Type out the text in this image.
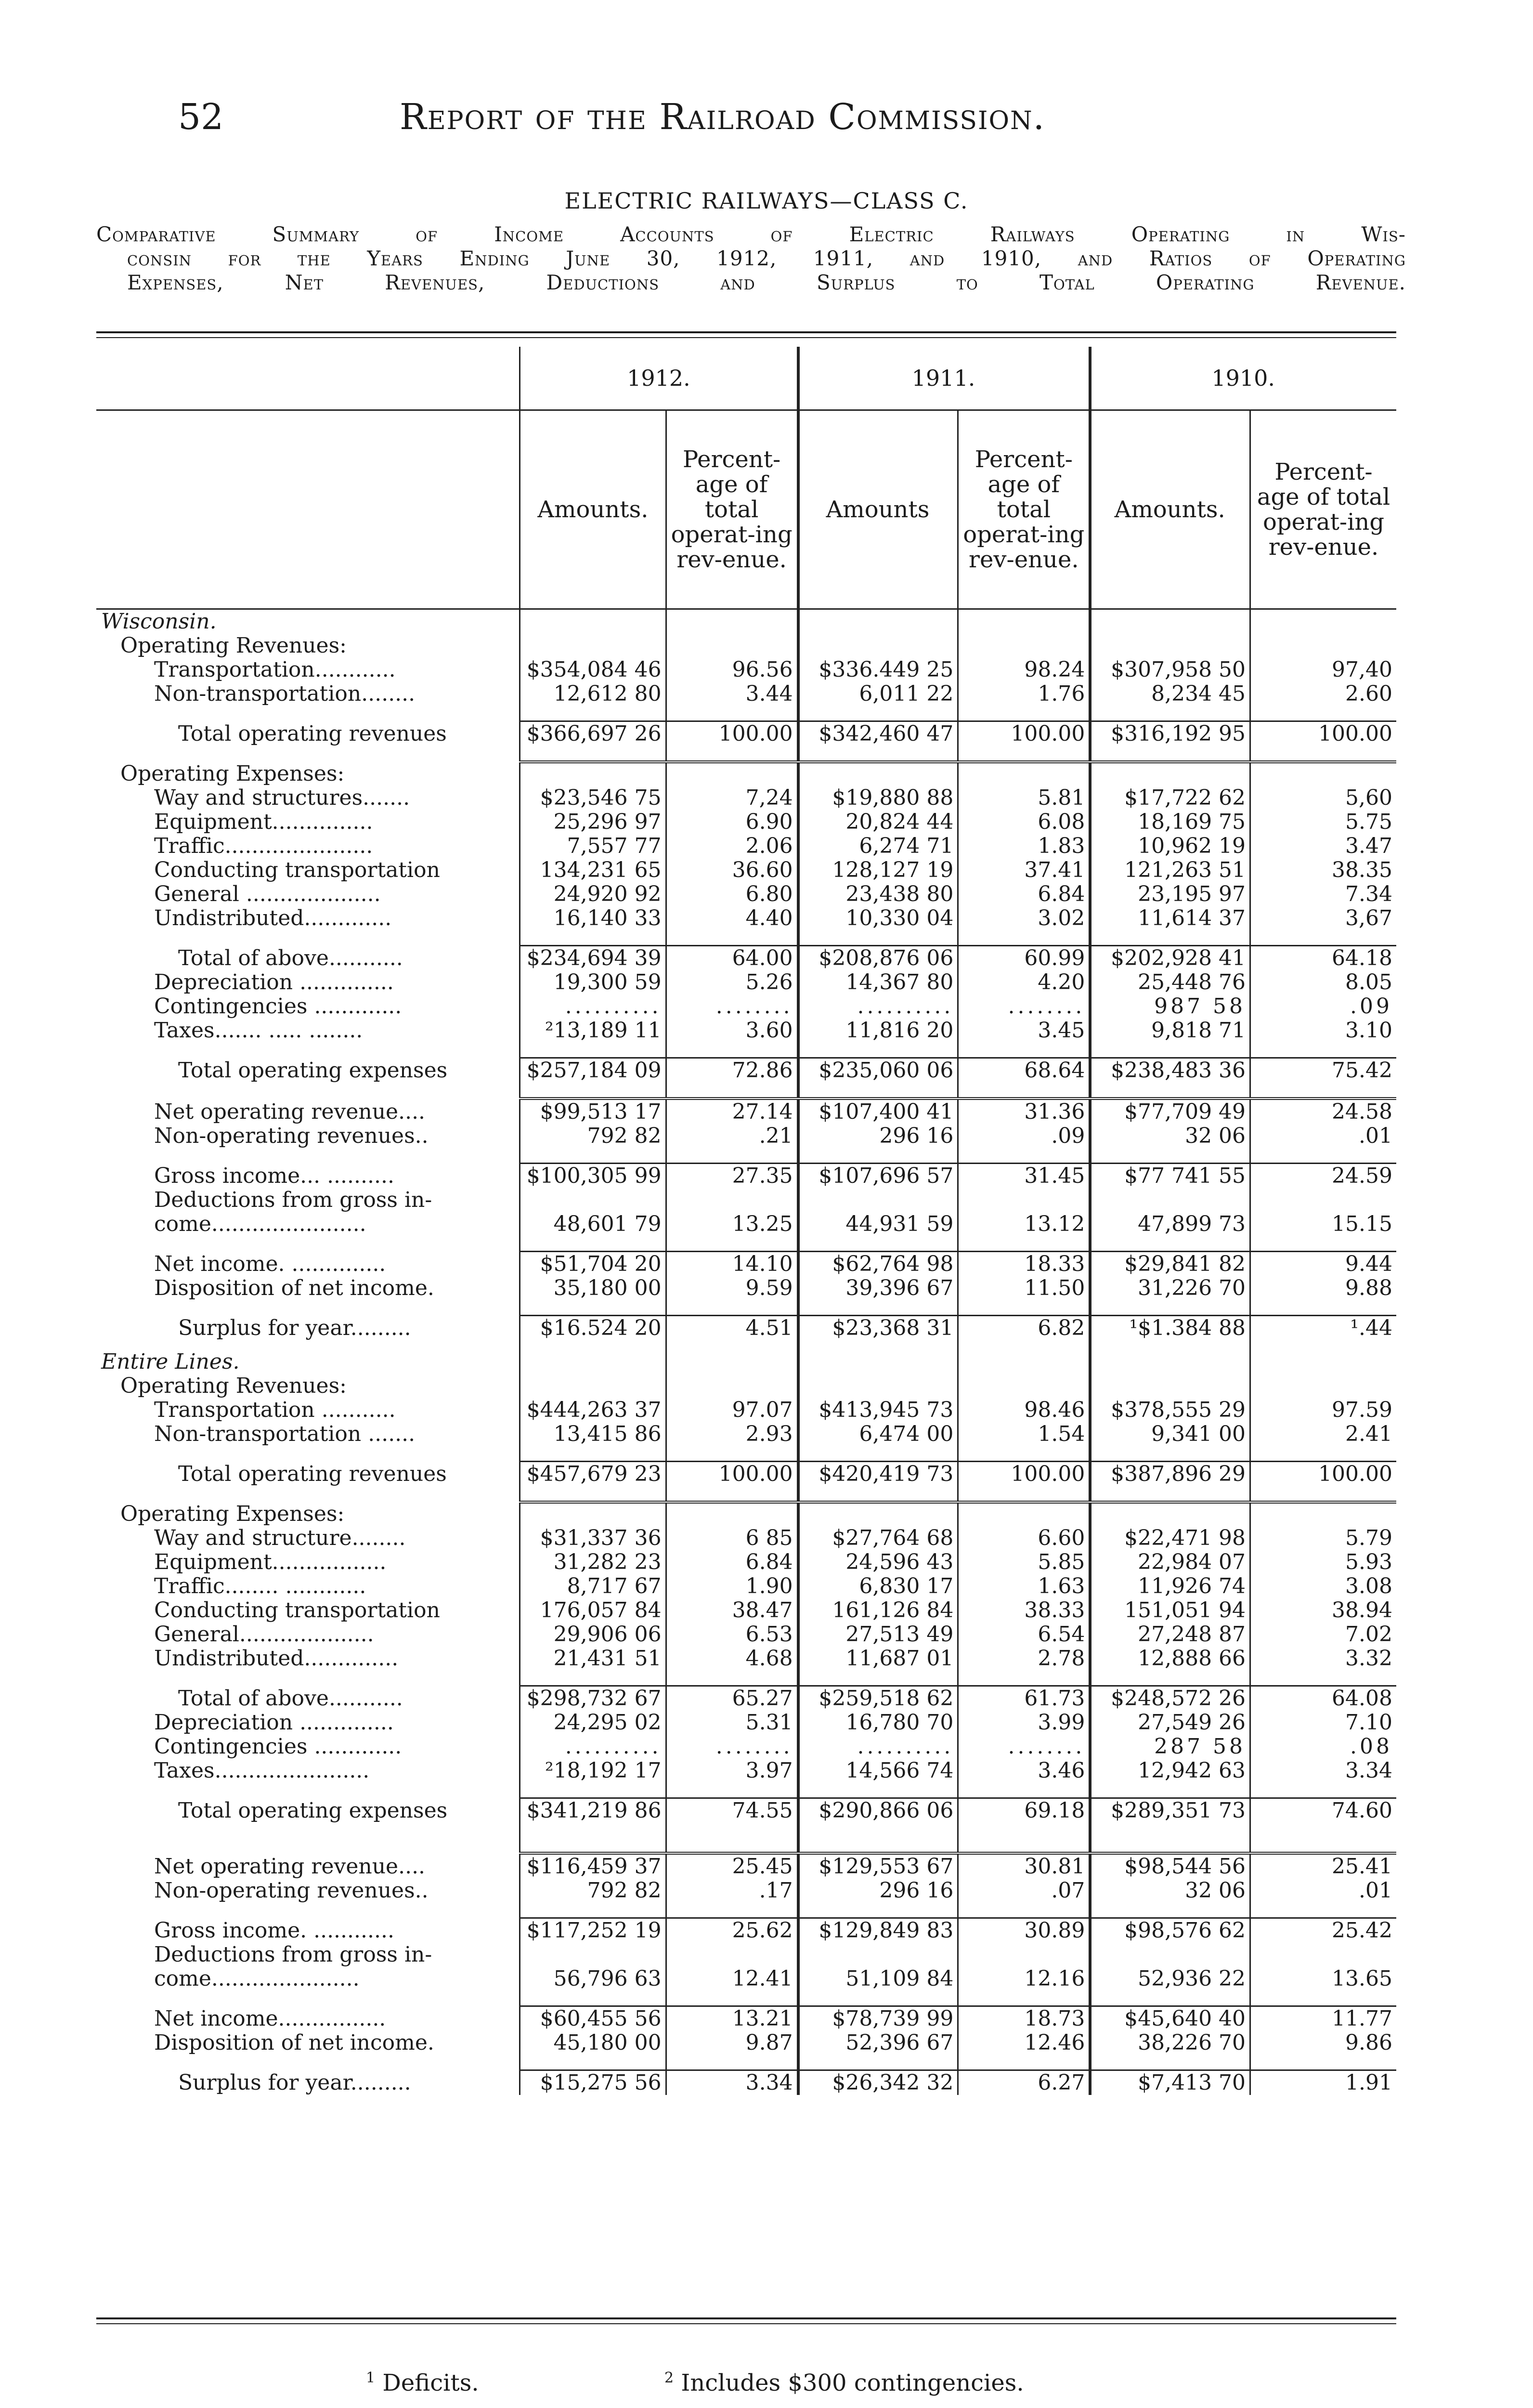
52	Report of the Railroad Commission.
ELECTRIC RAILWAYS—CLASS C.
Comparative Summary of Income Accounts of Electric Railways Operating in Wis-
consin for the Years Ending June 30, 1912, 1911, and 1910, and Ratios of Operating
Expenses, Net Revenues, Deductions and Surplus to Total Operating Revenue.
	1912.		1911.		1910.	
	Amounts.	Percent-age of total operat-ing rev-enue.	Amounts	Percent-age of total operat-ing rev-enue.	Amounts.	Percent-age of total operat-ing rev-enue.
Wisconsin.						
Operating Revenues:						
Transportation............	$354,084 46	96.56	$336.449 25	98.24	$307,958 50	97,40
Non-transportation........	12,612 80	3.44	6,011 22	1.76	8,234 45	2.60

Total operating revenues	$366,697 26	100.00	$342,460 47	100.00	$316,192 95	100.00

Operating Expenses:						
Way and structures.......	$23,546 75	7,24	$19,880 88	5.81	$17,722 62	5,60
Equipment...............	25,296 97	6.90	20,824 44	6.08	18,169 75	5.75
Traffic......................	7,557 77	2.06	6,274 71	1.83	10,962 19	3.47
Conducting transportation	134,231 65	36.60	128,127 19	37.41	121,263 51	38.35
General ....................	24,920 92	6.80	23,438 80	6.84	23,195 97	7.34
Undistributed.............	16,140 33	4.40	10,330 04	3.02	11,614 37	3,67

Total of above...........	$234,694 39	64.00	$208,876 06	60.99	$202,928 41	64.18
Depreciation ..............	19,300 59	5.26	14,367 80	4.20	25,448 76	8.05
Contingencies .............	..........	........	..........	........	987 58	.09
Taxes....... ..... ........	²13,189 11	3.60	11,816 20	3.45	9,818 71	3.10

Total operating expenses	$257,184 09	72.86	$235,060 06	68.64	$238,483 36	75.42

Net operating revenue....	$99,513 17	27.14	$107,400 41	31.36	$77,709 49	24.58
Non-operating revenues..	792 82	.21	296 16	.09	32 06	.01

Gross income... ..........	$100,305 99	27.35	$107,696 57	31.45	$77 741 55	24.59
Deductions from gross in-						
come.......................	48,601 79	13.25	44,931 59	13.12	47,899 73	15.15

Net income. ..............	$51,704 20	14.10	$62,764 98	18.33	$29,841 82	9.44
Disposition of net income.	35,180 00	9.59	39,396 67	11.50	31,226 70	9.88

Surplus for year.........	$16.524 20	4.51	$23,368 31	6.82	¹$1.384 88	¹.44
Entire Lines.						
Operating Revenues:						
Transportation ...........	$444,263 37	97.07	$413,945 73	98.46	$378,555 29	97.59
Non-transportation .......	13,415 86	2.93	6,474 00	1.54	9,341 00	2.41

Total operating revenues	$457,679 23	100.00	$420,419 73	100.00	$387,896 29	100.00

Operating Expenses:						
Way and structure........	$31,337 36	6 85	$27,764 68	6.60	$22,471 98	5.79
Equipment.................	31,282 23	6.84	24,596 43	5.85	22,984 07	5.93
Traffic........ ............	8,717 67	1.90	6,830 17	1.63	11,926 74	3.08
Conducting transportation	176,057 84	38.47	161,126 84	38.33	151,051 94	38.94
General....................	29,906 06	6.53	27,513 49	6.54	27,248 87	7.02
Undistributed..............	21,431 51	4.68	11,687 01	2.78	12,888 66	3.32

Total of above...........	$298,732 67	65.27	$259,518 62	61.73	$248,572 26	64.08
Depreciation ..............	24,295 02	5.31	16,780 70	3.99	27,549 26	7.10
Contingencies .............	..........	........	..........	........	287 58	.08
Taxes.......................	²18,192 17	3.97	14,566 74	3.46	12,942 63	3.34

Total operating expenses	$341,219 86	74.55	$290,866 06	69.18	$289,351 73	74.60

Net operating revenue....	$116,459 37	25.45	$129,553 67	30.81	$98,544 56	25.41
Non-operating revenues..	792 82	.17	296 16	.07	32 06	.01

Gross income. ............	$117,252 19	25.62	$129,849 83	30.89	$98,576 62	25.42
Deductions from gross in-						
come......................	56,796 63	12.41	51,109 84	12.16	52,936 22	13.65

Net income................	$60,455 56	13.21	$78,739 99	18.73	$45,640 40	11.77
Disposition of net income.	45,180 00	9.87	52,396 67	12.46	38,226 70	9.86

Surplus for year.........	$15,275 56	3.34	$26,342 32	6.27	$7,413 70	1.91
$^1$ Deficits.	$^2$ Includes $300 contingencies.
